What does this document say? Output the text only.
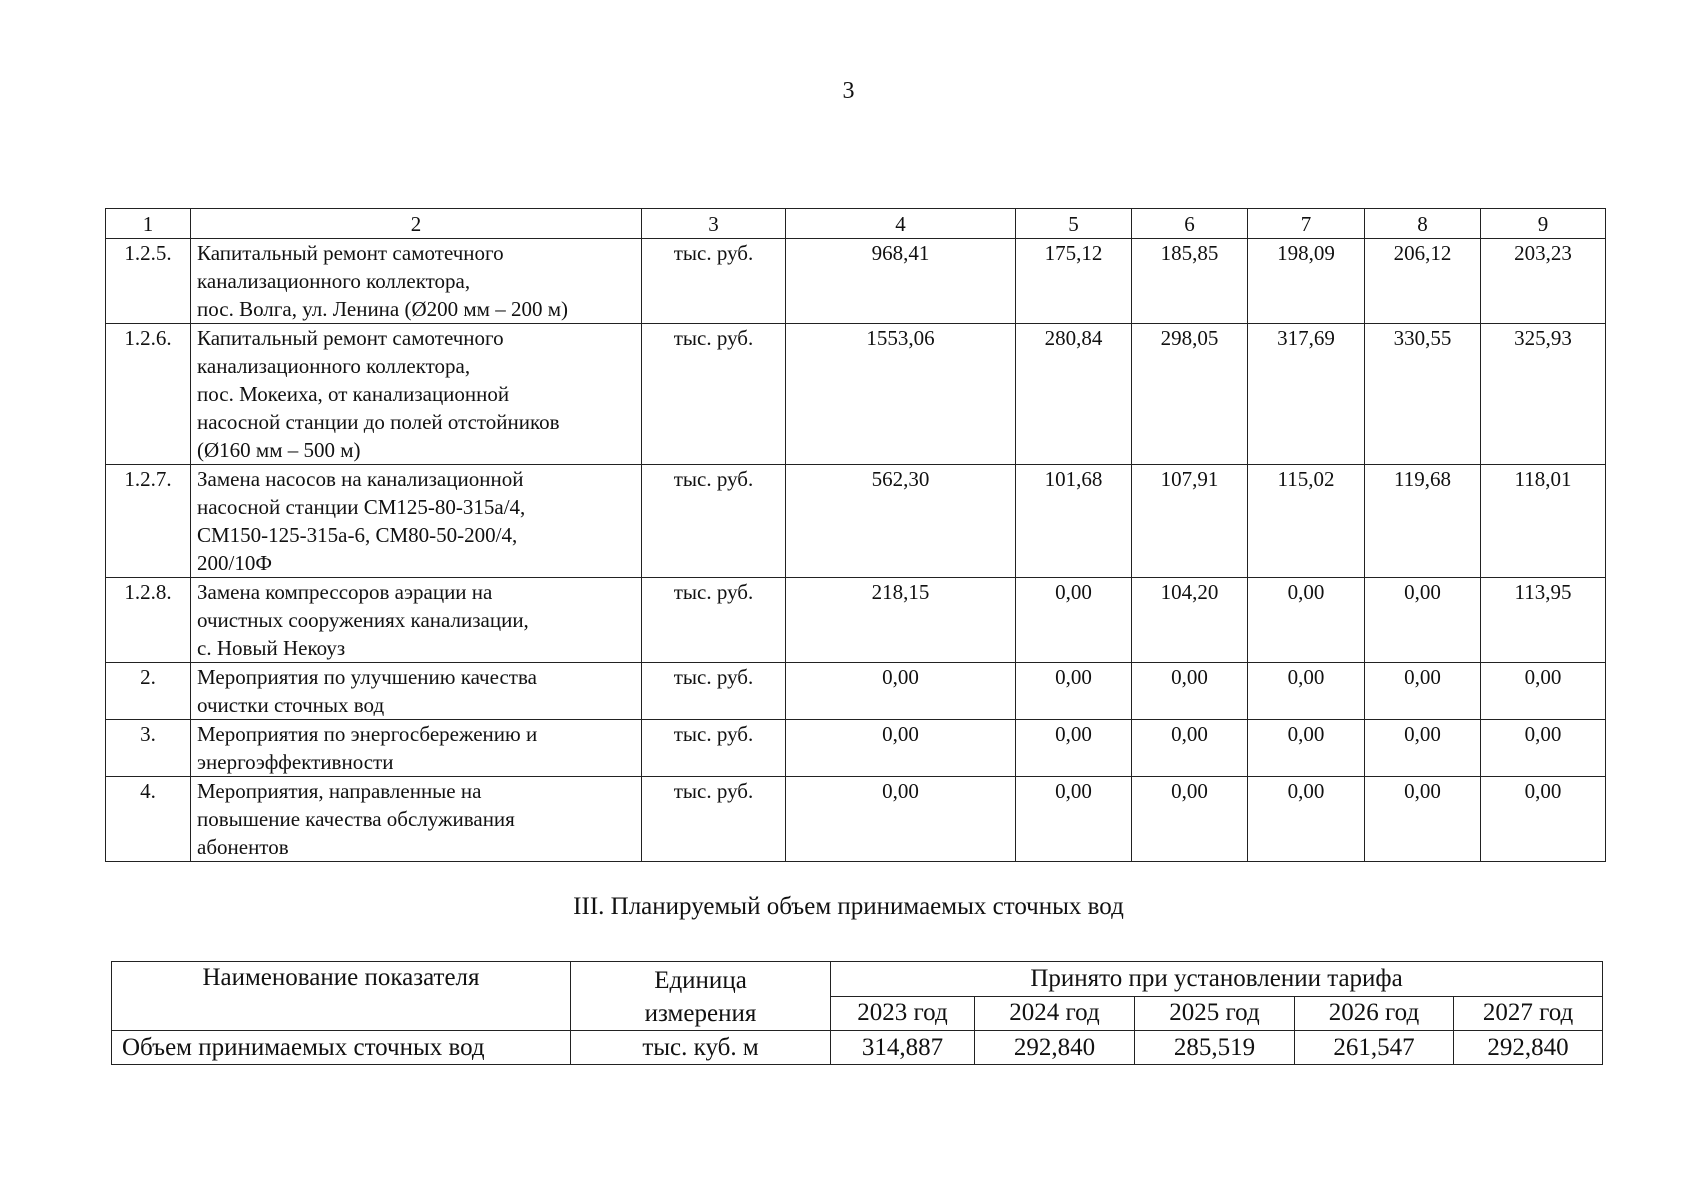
3
1	2	3	4	5	6	7	8	9
1.2.5.	Капитальный ремонт самотечного
канализационного коллектора,
пос. Волга, ул. Ленина (Ø200 мм – 200 м)	тыс. руб.	968,41	175,12	185,85	198,09	206,12	203,23
1.2.6.	Капитальный ремонт самотечного
канализационного коллектора,
пос. Мокеиха, от канализационной
насосной станции до полей отстойников
(Ø160 мм – 500 м)	тыс. руб.	1553,06	280,84	298,05	317,69	330,55	325,93
1.2.7.	Замена насосов на канализационной
насосной станции СМ125-80-315а/4,
СМ150-125-315а-6, СМ80-50-200/4,
200/10Ф	тыс. руб.	562,30	101,68	107,91	115,02	119,68	118,01
1.2.8.	Замена компрессоров аэрации на
очистных сооружениях канализации,
с. Новый Некоуз	тыс. руб.	218,15	0,00	104,20	0,00	0,00	113,95
2.	Мероприятия по улучшению качества
очистки сточных вод	тыс. руб.	0,00	0,00	0,00	0,00	0,00	0,00
3.	Мероприятия по энергосбережению и
энергоэффективности	тыс. руб.	0,00	0,00	0,00	0,00	0,00	0,00
4.	Мероприятия, направленные на
повышение качества обслуживания
абонентов	тыс. руб.	0,00	0,00	0,00	0,00	0,00	0,00
III. Планируемый объем принимаемых сточных вод
Наименование показателя	Единица
измерения	Принято при установлении тарифа				
		2023 год	2024 год	2025 год	2026 год	2027 год
Объем принимаемых сточных вод	тыс. куб. м	314,887	292,840	285,519	261,547	292,840
